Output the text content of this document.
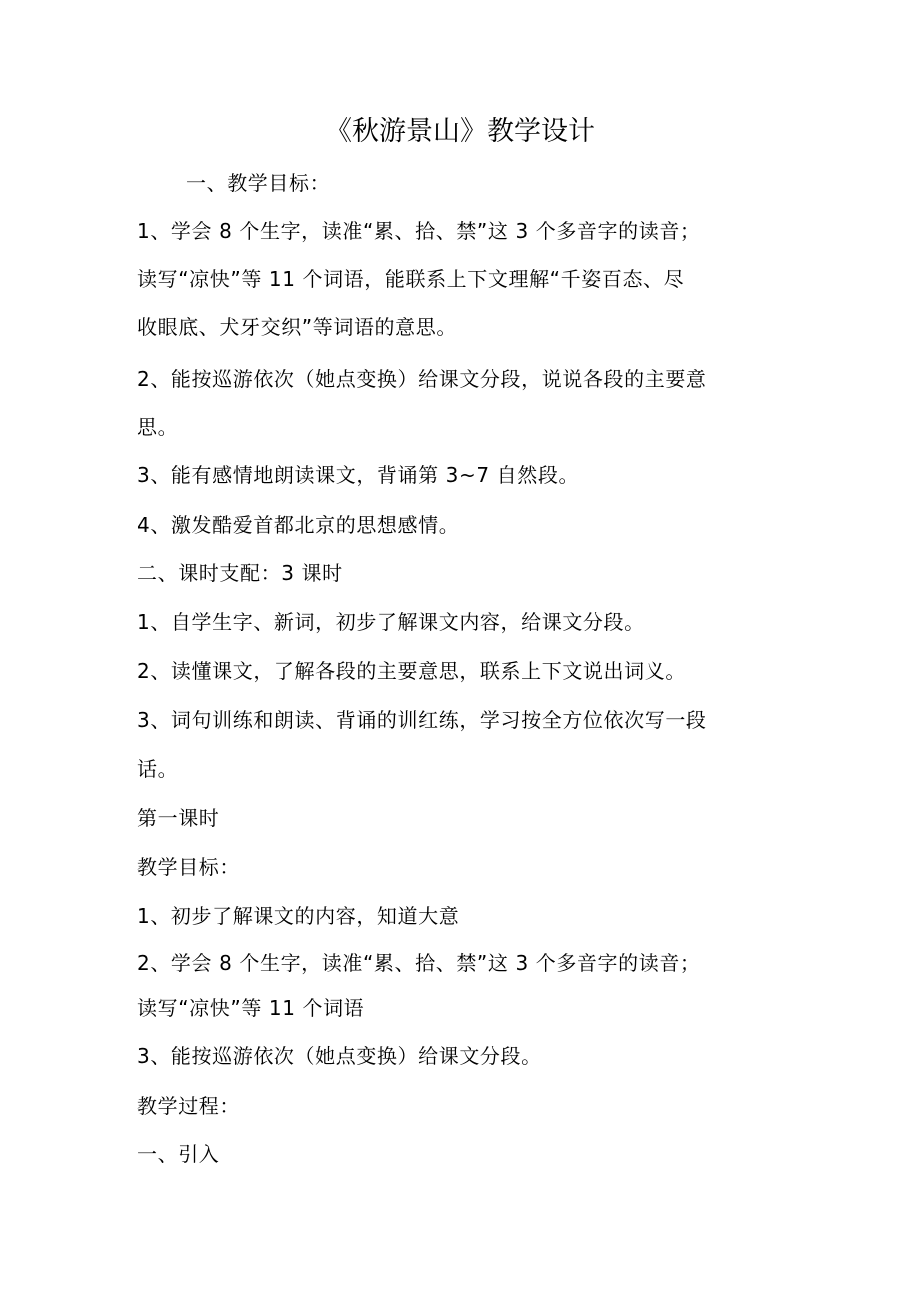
《秋游景山》教学设计
一、教学目标：
1、学会 8 个生字，读准“累、拾、禁”这 3 个多音字的读音；
读写“凉快”等 11 个词语，能联系上下文理解“千姿百态、尽
收眼底、犬牙交织”等词语的意思。
2、能按巡游依次（她点变换）给课文分段，说说各段的主要意
思。
3、能有感情地朗读课文，背诵第 3~7 自然段。
4、激发酷爱首都北京的思想感情。
二、课时支配：3 课时
1、自学生字、新词，初步了解课文内容，给课文分段。
2、读懂课文，了解各段的主要意思，联系上下文说出词义。
3、词句训练和朗读、背诵的训红练，学习按全方位依次写一段
话。
第一课时
教学目标：
1、初步了解课文的内容，知道大意
2、学会 8 个生字，读准“累、拾、禁”这 3 个多音字的读音；
读写“凉快”等 11 个词语
3、能按巡游依次（她点变换）给课文分段。
教学过程：
一、引入
